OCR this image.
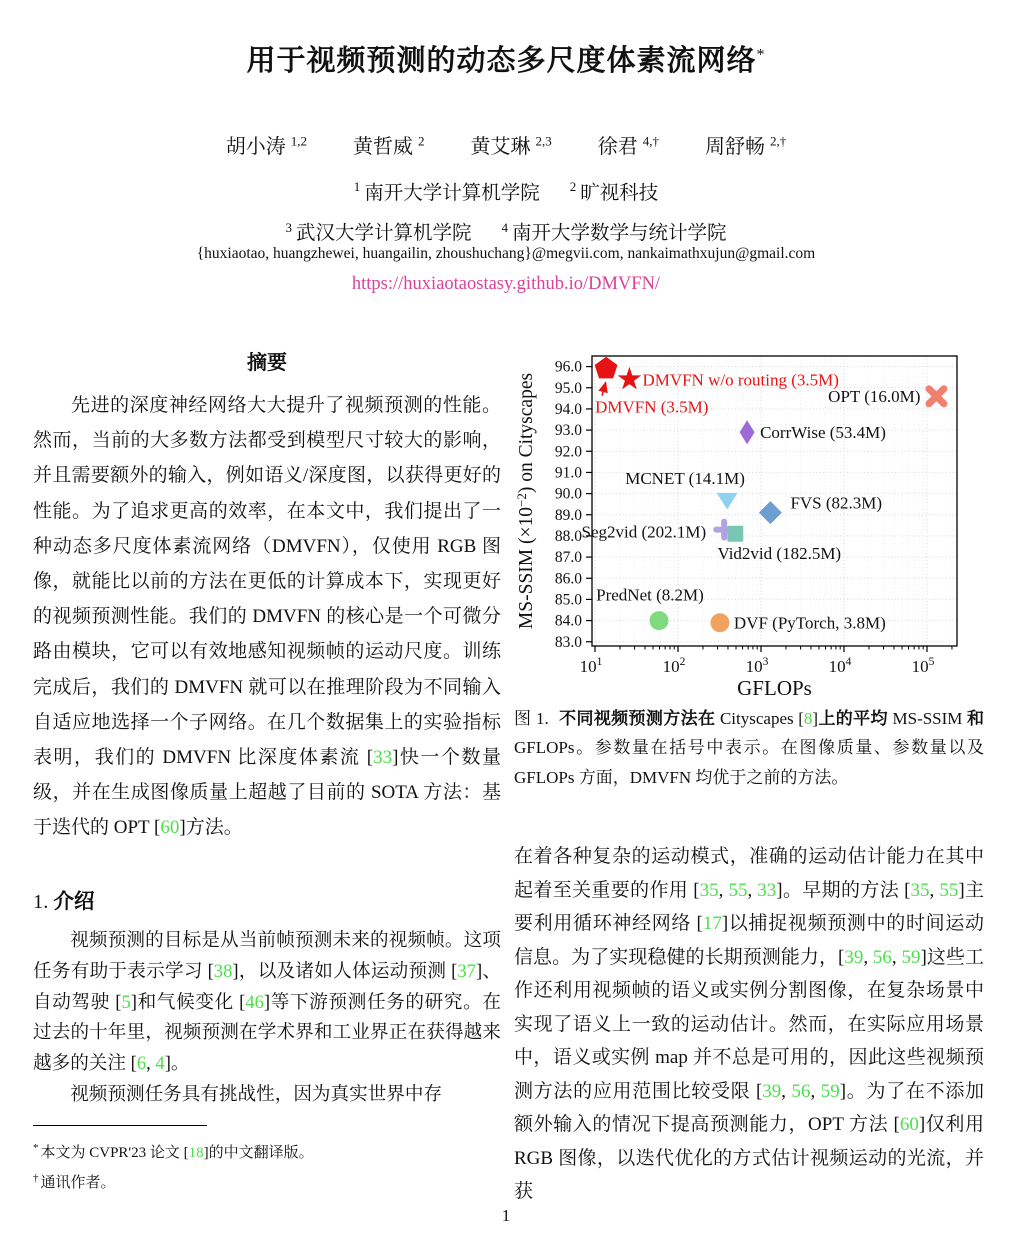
用于视频预测的动态多尺度体素流网络*
胡小涛 $^{1,2}$ 黄哲威 $^2$ 黄艾琳 $^{2,3}$ 徐君 $^{4,\dagger}$ 周舒畅 $^{2,\dagger}$
$^1$ 南开大学计算机学院 $^2$ 旷视科技
$^3$ 武汉大学计算机学院 $^4$ 南开大学数学与统计学院
{huxiaotao, huangzhewei, huangailin, zhoushuchang}@megvii.com, nankaimathxujun@gmail.com
https://huxiaotaostasy.github.io/DMVFN/
摘要

先进的深度神经网络大大提升了视频预测的性能。然而，当前的大多数方法都受到模型尺寸较大的影响，并且需要额外的输入，例如语义/深度图，以获得更好的性能。为了追求更高的效率，在本文中，我们提出了一种动态多尺度体素流网络（DMVFN），仅使用 RGB 图像，就能比以前的方法在更低的计算成本下，实现更好的视频预测性能。我们的 DMVFN 的核心是一个可微分路由模块，它可以有效地感知视频帧的运动尺度。训练完成后，我们的 DMVFN 就可以在推理阶段为不同输入自适应地选择一个子网络。在几个数据集上的实验指标表明，我们的 DMVFN 比深度体素流 [33]快一个数量级，并在生成图像质量上超越了目前的 SOTA 方法：基于迭代的 OPT [60]方法。

1. 介绍

视频预测的目标是从当前帧预测未来的视频帧。这项任务有助于表示学习 [38]，以及诸如人体运动预测 [37]、自动驾驶 [5]和气候变化 [46]等下游预测任务的研究。在过去的十年里，视频预测在学术界和工业界正在获得越来越多的关注 [6, 4]。

视频预测任务具有挑战性，因为真实世界中存

* 本文为 CVPR'23 论文 [18]的中文翻译版。
† 通讯作者。
83.0
84.0
85.0
86.0
87.0
88.0
89.0
90.0
91.0
92.0
93.0
94.0
95.0
96.0
$10^1$	$10^2$	$10^3$	$10^4$	$10^5$
GFLOPs
MS-SSIM $(\times 10^{-2})$ on Cityscapes	DMVFN (3.5M)
DMVFN w/o routing (3.5M)
OPT (16.0M)
CorrWise (53.4M)
MCNET (14.1M)
FVS (82.3M)
Seg2vid (202.1M)
Vid2vid (182.5M)
PredNet (8.2M)
DVF (PyTorch, 3.8M)
图 1. 不同视频预测方法在 Cityscapes [8]上的平均 MS-SSIM 和 GFLOPs。参数量在括号中表示。在图像质量、参数量以及 GFLOPs 方面，DMVFN 均优于之前的方法。

在着各种复杂的运动模式，准确的运动估计能力在其中起着至关重要的作用 [35, 55, 33]。早期的方法 [35, 55]主要利用循环神经网络 [17]以捕捉视频预测中的时间运动信息。为了实现稳健的长期预测能力，[39, 56, 59]这些工作还利用视频帧的语义或实例分割图像，在复杂场景中实现了语义上一致的运动估计。然而，在实际应用场景中，语义或实例 map 并不总是可用的，因此这些视频预测方法的应用范围比较受限 [39, 56, 59]。为了在不添加额外输入的情况下提高预测能力，OPT 方法 [60]仅利用 RGB 图像，以迭代优化的方式估计视频运动的光流，并获

1
